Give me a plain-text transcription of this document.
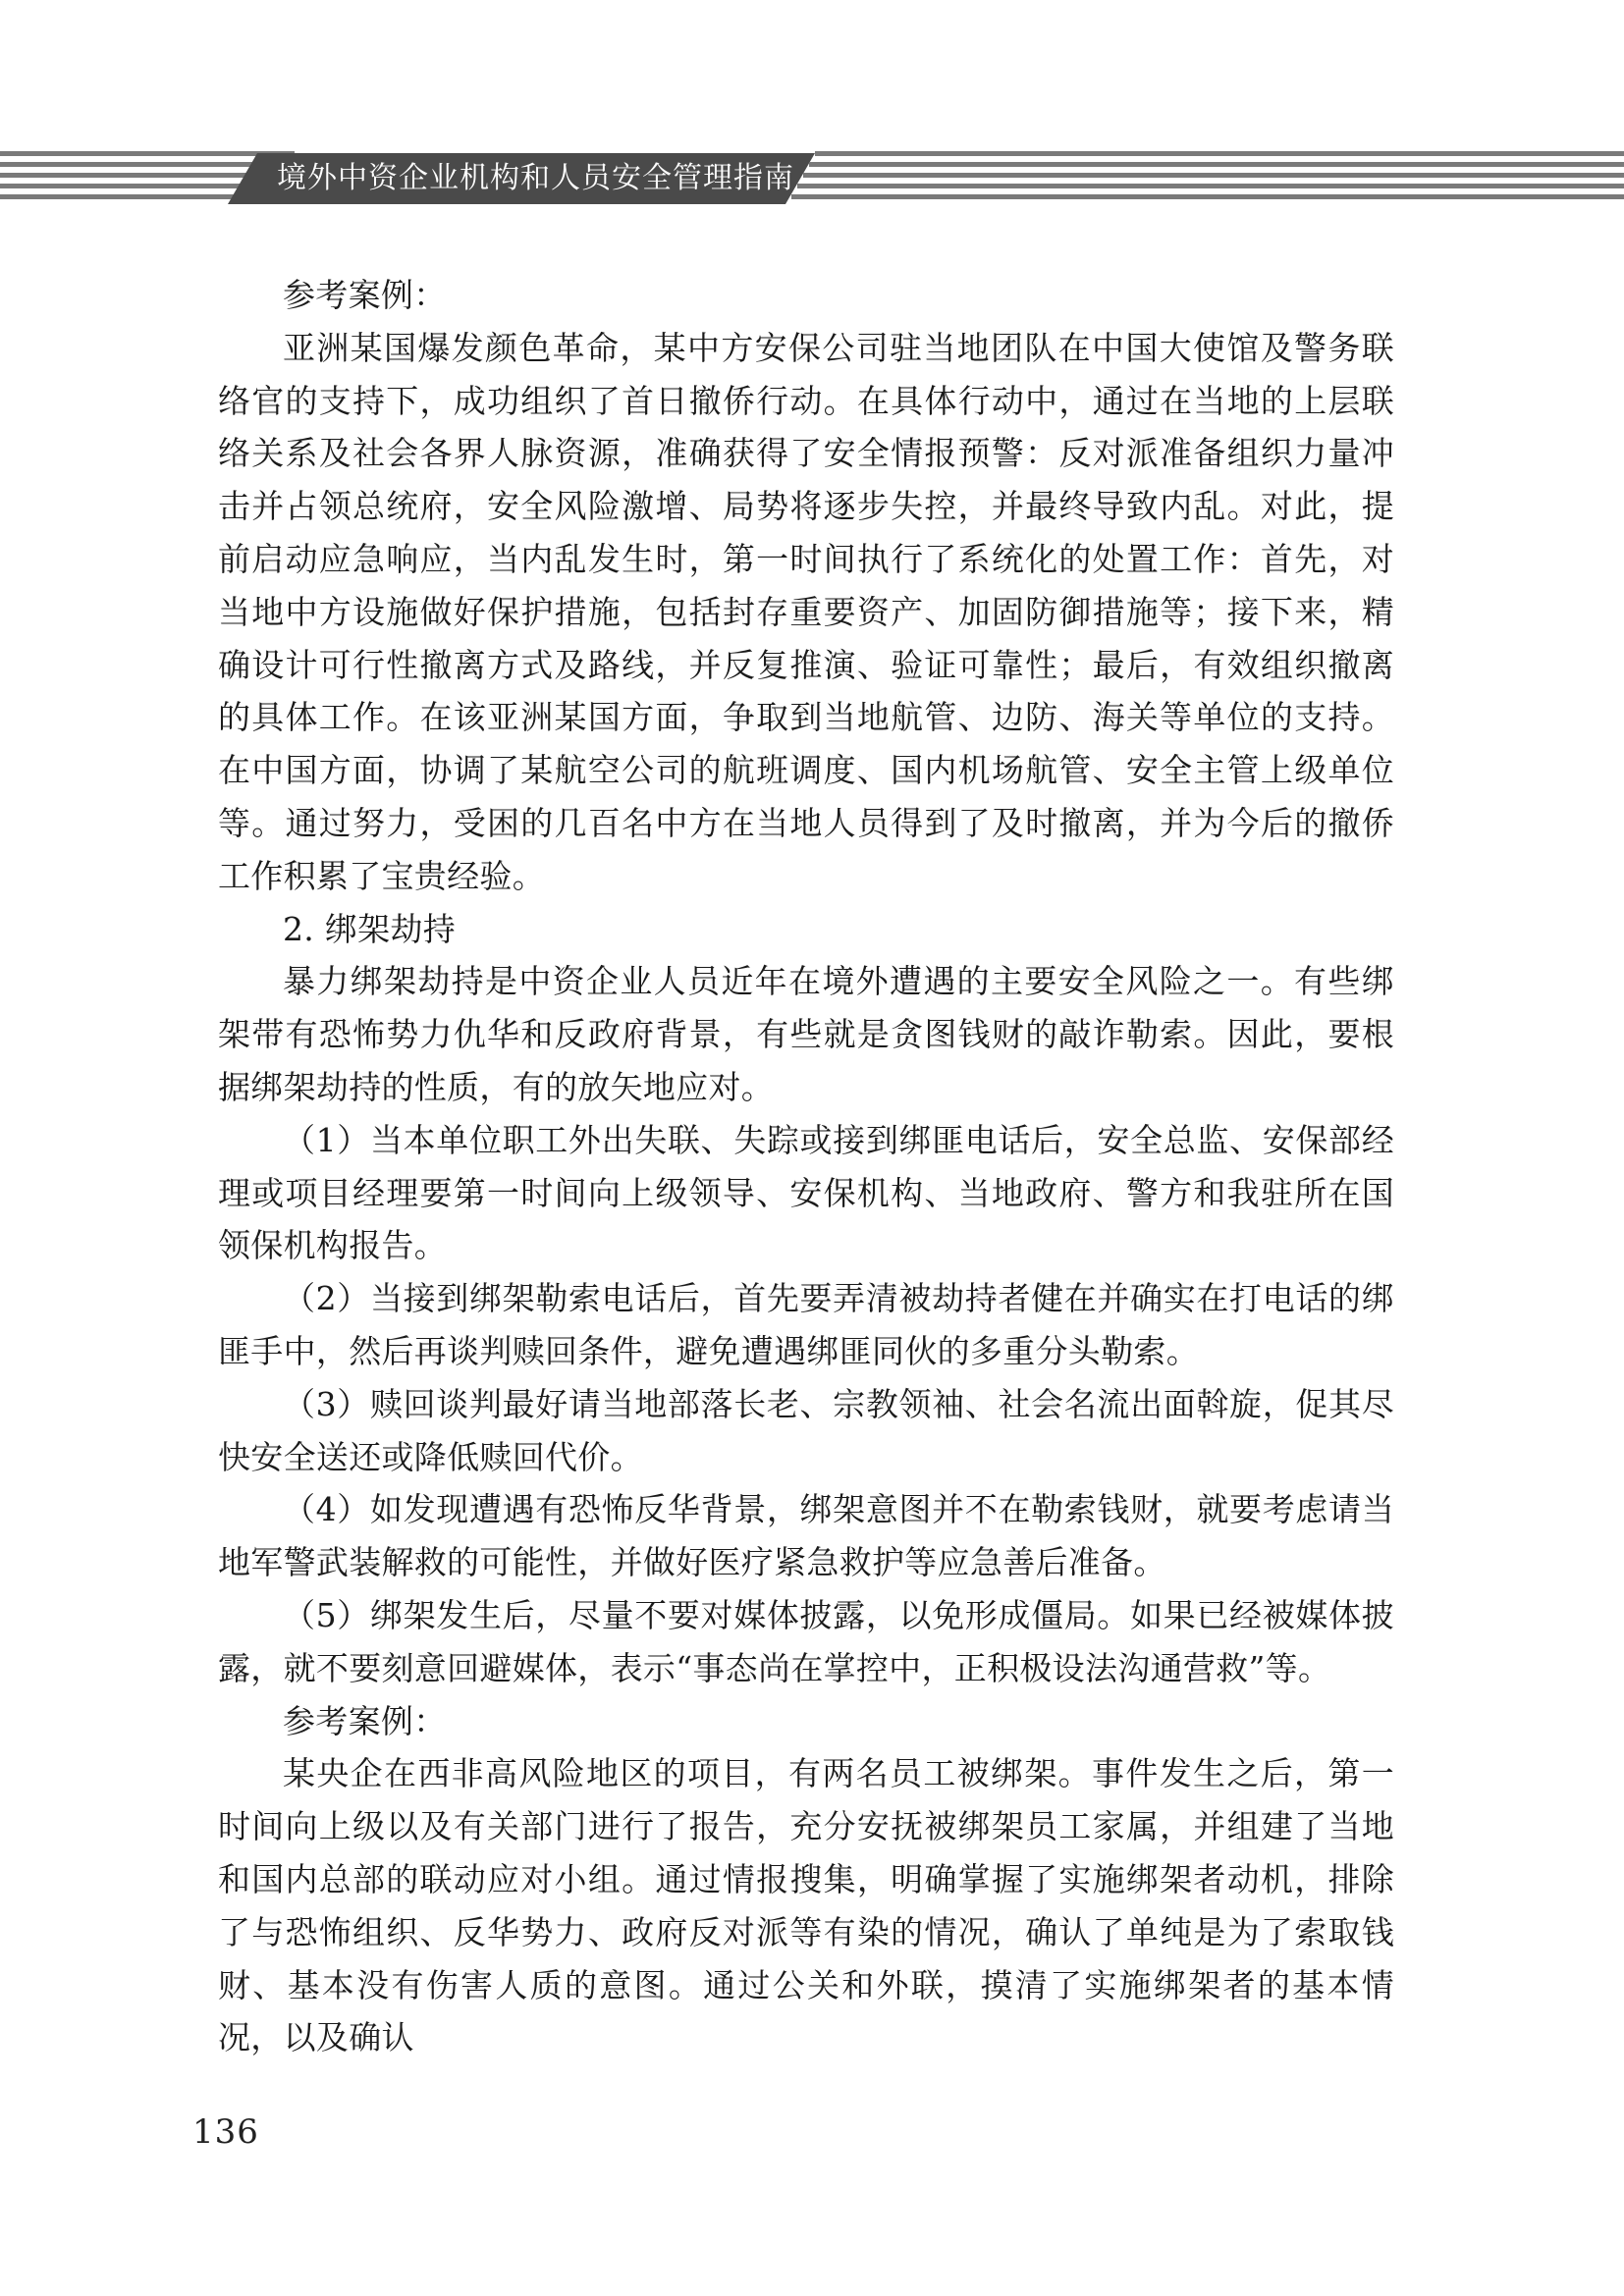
境外中资企业机构和人员安全管理指南

参考案例：

亚洲某国爆发颜色革命，某中方安保公司驻当地团队在中国大使馆及警务联络官的支持下，成功组织了首日撤侨行动。在具体行动中，通过在当地的上层联络关系及社会各界人脉资源，准确获得了安全情报预警：反对派准备组织力量冲击并占领总统府，安全风险激增、局势将逐步失控，并最终导致内乱。对此，提前启动应急响应，当内乱发生时，第一时间执行了系统化的处置工作：首先，对当地中方设施做好保护措施，包括封存重要资产、加固防御措施等；接下来，精确设计可行性撤离方式及路线，并反复推演、验证可靠性；最后，有效组织撤离的具体工作。在该亚洲某国方面，争取到当地航管、边防、海关等单位的支持。在中国方面，协调了某航空公司的航班调度、国内机场航管、安全主管上级单位等。通过努力，受困的几百名中方在当地人员得到了及时撤离，并为今后的撤侨工作积累了宝贵经验。

2. 绑架劫持

暴力绑架劫持是中资企业人员近年在境外遭遇的主要安全风险之一。有些绑架带有恐怖势力仇华和反政府背景，有些就是贪图钱财的敲诈勒索。因此，要根据绑架劫持的性质，有的放矢地应对。

（1）当本单位职工外出失联、失踪或接到绑匪电话后，安全总监、安保部经理或项目经理要第一时间向上级领导、安保机构、当地政府、警方和我驻所在国领保机构报告。

（2）当接到绑架勒索电话后，首先要弄清被劫持者健在并确实在打电话的绑匪手中，然后再谈判赎回条件，避免遭遇绑匪同伙的多重分头勒索。

（3）赎回谈判最好请当地部落长老、宗教领袖、社会名流出面斡旋，促其尽快安全送还或降低赎回代价。

（4）如发现遭遇有恐怖反华背景，绑架意图并不在勒索钱财，就要考虑请当地军警武装解救的可能性，并做好医疗紧急救护等应急善后准备。

（5）绑架发生后，尽量不要对媒体披露，以免形成僵局。如果已经被媒体披露，就不要刻意回避媒体，表示“事态尚在掌控中，正积极设法沟通营救”等。

参考案例：

某央企在西非高风险地区的项目，有两名员工被绑架。事件发生之后，第一时间向上级以及有关部门进行了报告，充分安抚被绑架员工家属，并组建了当地和国内总部的联动应对小组。通过情报搜集，明确掌握了实施绑架者动机，排除了与恐怖组织、反华势力、政府反对派等有染的情况，确认了单纯是为了索取钱财、基本没有伤害人质的意图。通过公关和外联，摸清了实施绑架者的基本情况，以及确认

136
